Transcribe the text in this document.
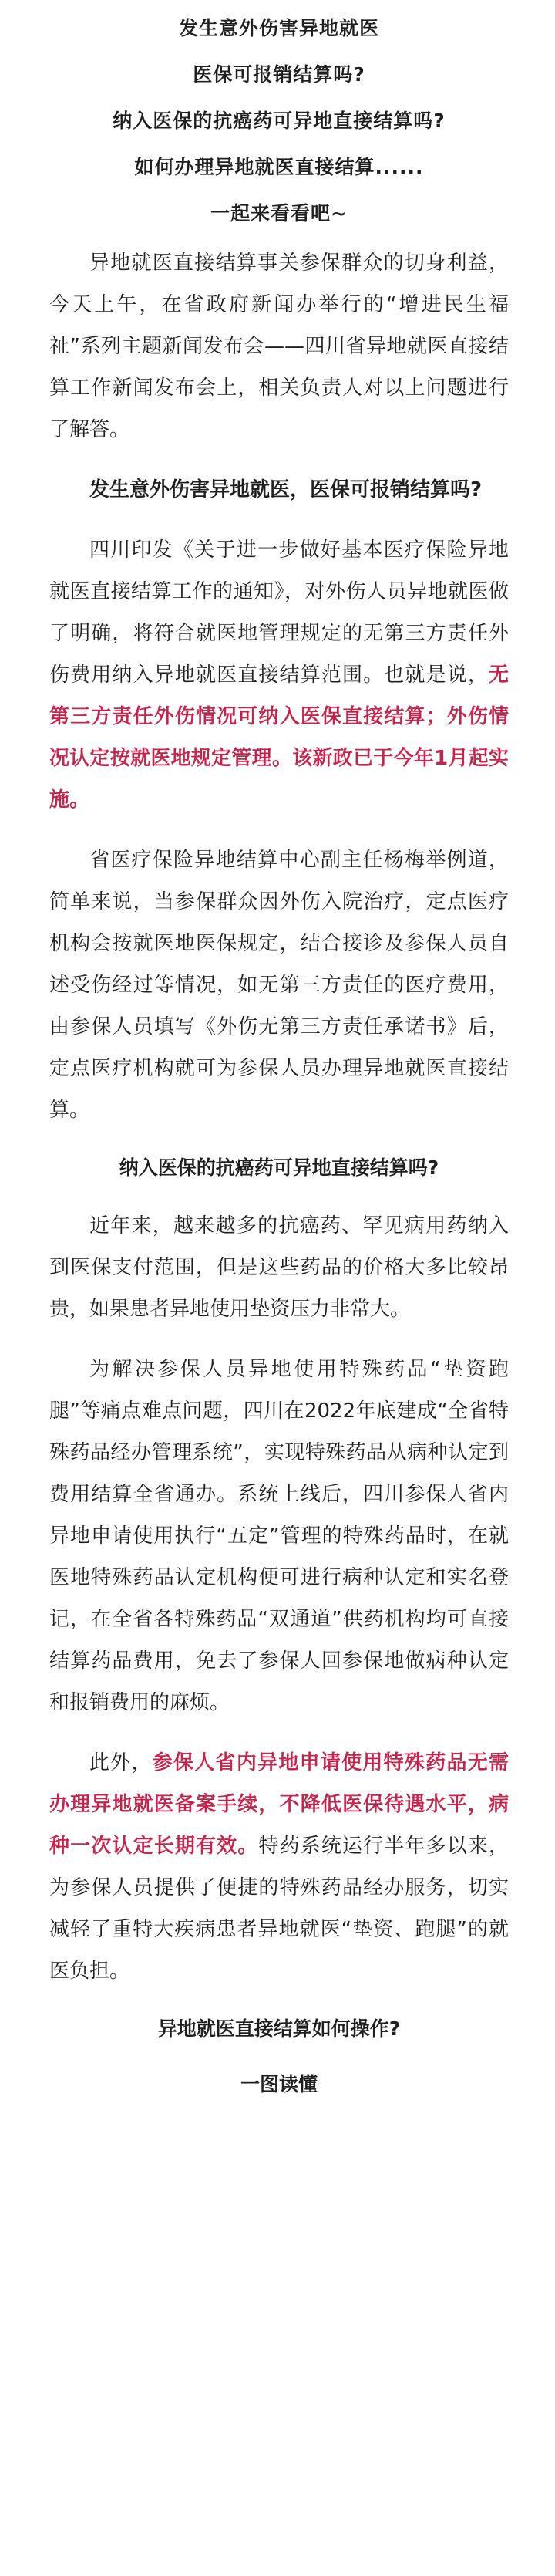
发生意外伤害异地就医

医保可报销结算吗?

纳入医保的抗癌药可异地直接结算吗?

如何办理异地就医直接结算......

一起来看看吧~

异地就医直接结算事关参保群众的切身利益，今天上午，在省政府新闻办举行的“增进民生福祉”系列主题新闻发布会——四川省异地就医直接结算工作新闻发布会上，相关负责人对以上问题进行了解答。

发生意外伤害异地就医，医保可报销结算吗?

四川印发《关于进一步做好基本医疗保险异地就医直接结算工作的通知》，对外伤人员异地就医做了明确，将符合就医地管理规定的无第三方责任外伤费用纳入异地就医直接结算范围。也就是说，无第三方责任外伤情况可纳入医保直接结算；外伤情况认定按就医地规定管理。该新政已于今年1月起实施。

省医疗保险异地结算中心副主任杨梅举例道，简单来说，当参保群众因外伤入院治疗，定点医疗机构会按就医地医保规定，结合接诊及参保人员自述受伤经过等情况，如无第三方责任的医疗费用，由参保人员填写《外伤无第三方责任承诺书》后，定点医疗机构就可为参保人员办理异地就医直接结算。

纳入医保的抗癌药可异地直接结算吗?

近年来，越来越多的抗癌药、罕见病用药纳入到医保支付范围，但是这些药品的价格大多比较昂贵，如果患者异地使用垫资压力非常大。

为解决参保人员异地使用特殊药品“垫资跑腿”等痛点难点问题，四川在2022年底建成“全省特殊药品经办管理系统”，实现特殊药品从病种认定到费用结算全省通办。系统上线后，四川参保人省内异地申请使用执行“五定”管理的特殊药品时，在就医地特殊药品认定机构便可进行病种认定和实名登记，在全省各特殊药品“双通道”供药机构均可直接结算药品费用，免去了参保人回参保地做病种认定和报销费用的麻烦。

此外，参保人省内异地申请使用特殊药品无需办理异地就医备案手续，不降低医保待遇水平，病种一次认定长期有效。特药系统运行半年多以来，为参保人员提供了便捷的特殊药品经办服务，切实减轻了重特大疾病患者异地就医“垫资、跑腿”的就医负担。

异地就医直接结算如何操作?

一图读懂
